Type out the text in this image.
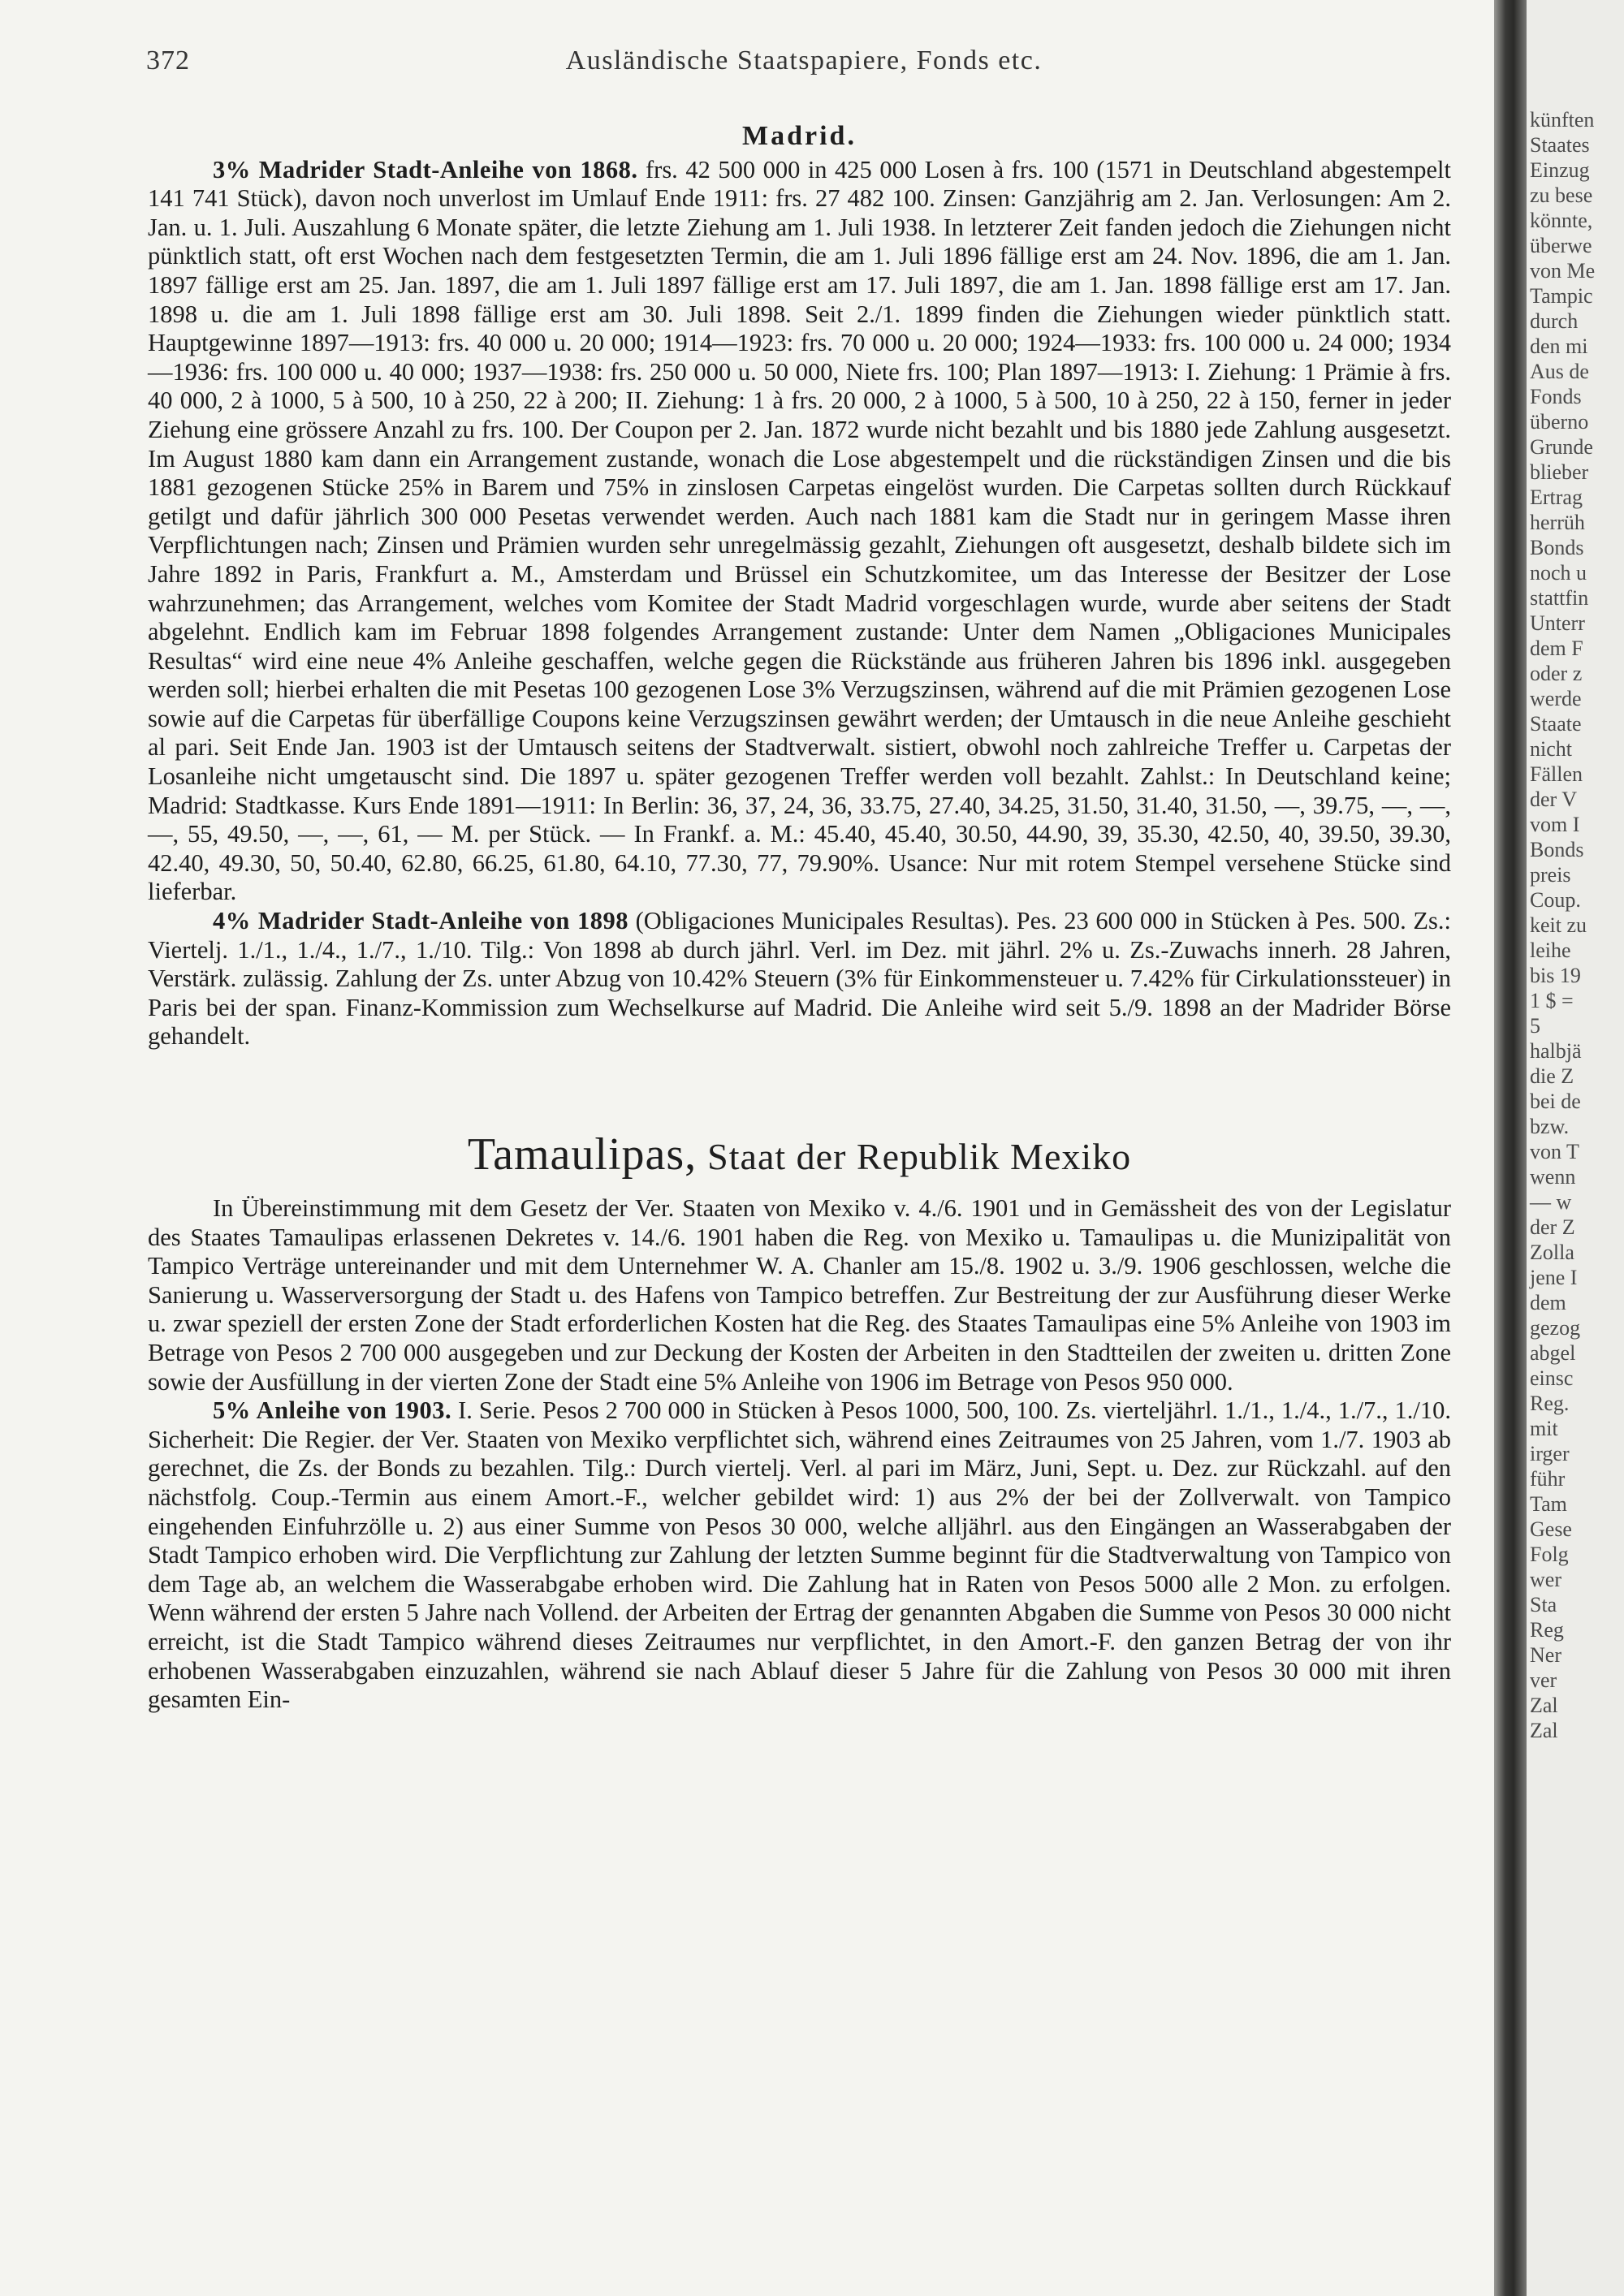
372	Ausländische Staatspapiere, Fonds etc.
Madrid.

3% Madrider Stadt-Anleihe von 1868. frs. 42 500 000 in 425 000 Losen à frs. 100 (1571 in Deutschland abgestempelt 141 741 Stück), davon noch unverlost im Umlauf Ende 1911: frs. 27 482 100. Zinsen: Ganzjährig am 2. Jan. Verlosungen: Am 2. Jan. u. 1. Juli. Auszahlung 6 Monate später, die letzte Ziehung am 1. Juli 1938. In letzterer Zeit fanden jedoch die Ziehungen nicht pünktlich statt, oft erst Wochen nach dem festgesetzten Termin, die am 1. Juli 1896 fällige erst am 24. Nov. 1896, die am 1. Jan. 1897 fällige erst am 25. Jan. 1897, die am 1. Juli 1897 fällige erst am 17. Juli 1897, die am 1. Jan. 1898 fällige erst am 17. Jan. 1898 u. die am 1. Juli 1898 fällige erst am 30. Juli 1898. Seit 2./1. 1899 finden die Ziehungen wieder pünktlich statt. Hauptgewinne 1897—1913: frs. 40 000 u. 20 000; 1914—1923: frs. 70 000 u. 20 000; 1924—1933: frs. 100 000 u. 24 000; 1934—1936: frs. 100 000 u. 40 000; 1937—1938: frs. 250 000 u. 50 000, Niete frs. 100; Plan 1897—1913: I. Ziehung: 1 Prämie à frs. 40 000, 2 à 1000, 5 à 500, 10 à 250, 22 à 200; II. Ziehung: 1 à frs. 20 000, 2 à 1000, 5 à 500, 10 à 250, 22 à 150, ferner in jeder Ziehung eine grössere Anzahl zu frs. 100. Der Coupon per 2. Jan. 1872 wurde nicht bezahlt und bis 1880 jede Zahlung ausgesetzt. Im August 1880 kam dann ein Arrangement zustande, wonach die Lose abgestempelt und die rückständigen Zinsen und die bis 1881 gezogenen Stücke 25% in Barem und 75% in zinslosen Carpetas eingelöst wurden. Die Carpetas sollten durch Rückkauf getilgt und dafür jährlich 300 000 Pesetas verwendet werden. Auch nach 1881 kam die Stadt nur in geringem Masse ihren Verpflichtungen nach; Zinsen und Prämien wurden sehr unregelmässig gezahlt, Ziehungen oft ausgesetzt, deshalb bildete sich im Jahre 1892 in Paris, Frankfurt a. M., Amsterdam und Brüssel ein Schutzkomitee, um das Interesse der Besitzer der Lose wahrzunehmen; das Arrangement, welches vom Komitee der Stadt Madrid vorgeschlagen wurde, wurde aber seitens der Stadt abgelehnt. Endlich kam im Februar 1898 folgendes Arrangement zustande: Unter dem Namen „Obligaciones Municipales Resultas“ wird eine neue 4% Anleihe geschaffen, welche gegen die Rückstände aus früheren Jahren bis 1896 inkl. ausgegeben werden soll; hierbei erhalten die mit Pesetas 100 gezogenen Lose 3% Verzugszinsen, während auf die mit Prämien gezogenen Lose sowie auf die Carpetas für überfällige Coupons keine Verzugszinsen gewährt werden; der Umtausch in die neue Anleihe geschieht al pari. Seit Ende Jan. 1903 ist der Umtausch seitens der Stadtverwalt. sistiert, obwohl noch zahlreiche Treffer u. Carpetas der Losanleihe nicht umgetauscht sind. Die 1897 u. später gezogenen Treffer werden voll bezahlt. Zahlst.: In Deutschland keine; Madrid: Stadtkasse. Kurs Ende 1891—1911: In Berlin: 36, 37, 24, 36, 33.75, 27.40, 34.25, 31.50, 31.40, 31.50, —, 39.75, —, —, —, 55, 49.50, —, —, 61, — M. per Stück. — In Frankf. a. M.: 45.40, 45.40, 30.50, 44.90, 39, 35.30, 42.50, 40, 39.50, 39.30, 42.40, 49.30, 50, 50.40, 62.80, 66.25, 61.80, 64.10, 77.30, 77, 79.90%. Usance: Nur mit rotem Stempel versehene Stücke sind lieferbar.

4% Madrider Stadt-Anleihe von 1898 (Obligaciones Municipales Resultas). Pes. 23 600 000 in Stücken à Pes. 500. Zs.: Viertelj. 1./1., 1./4., 1./7., 1./10. Tilg.: Von 1898 ab durch jährl. Verl. im Dez. mit jährl. 2% u. Zs.-Zuwachs innerh. 28 Jahren, Verstärk. zulässig. Zahlung der Zs. unter Abzug von 10.42% Steuern (3% für Einkommensteuer u. 7.42% für Cirkulationssteuer) in Paris bei der span. Finanz-Kommission zum Wechselkurse auf Madrid. Die Anleihe wird seit 5./9. 1898 an der Madrider Börse gehandelt.

Tamaulipas, Staat der Republik Mexiko

In Übereinstimmung mit dem Gesetz der Ver. Staaten von Mexiko v. 4./6. 1901 und in Gemässheit des von der Legislatur des Staates Tamaulipas erlassenen Dekretes v. 14./6. 1901 haben die Reg. von Mexiko u. Tamaulipas u. die Munizipalität von Tampico Verträge untereinander und mit dem Unternehmer W. A. Chanler am 15./8. 1902 u. 3./9. 1906 geschlossen, welche die Sanierung u. Wasserversorgung der Stadt u. des Hafens von Tampico betreffen. Zur Bestreitung der zur Ausführung dieser Werke u. zwar speziell der ersten Zone der Stadt erforderlichen Kosten hat die Reg. des Staates Tamaulipas eine 5% Anleihe von 1903 im Betrage von Pesos 2 700 000 ausgegeben und zur Deckung der Kosten der Arbeiten in den Stadtteilen der zweiten u. dritten Zone sowie der Ausfüllung in der vierten Zone der Stadt eine 5% Anleihe von 1906 im Betrage von Pesos 950 000.

5% Anleihe von 1903. I. Serie. Pesos 2 700 000 in Stücken à Pesos 1000, 500, 100. Zs. vierteljährl. 1./1., 1./4., 1./7., 1./10. Sicherheit: Die Regier. der Ver. Staaten von Mexiko verpflichtet sich, während eines Zeitraumes von 25 Jahren, vom 1./7. 1903 ab gerechnet, die Zs. der Bonds zu bezahlen. Tilg.: Durch viertelj. Verl. al pari im März, Juni, Sept. u. Dez. zur Rückzahl. auf den nächstfolg. Coup.-Termin aus einem Amort.-F., welcher gebildet wird: 1) aus 2% der bei der Zollverwalt. von Tampico eingehenden Einfuhrzölle u. 2) aus einer Summe von Pesos 30 000, welche alljährl. aus den Eingängen an Wasserabgaben der Stadt Tampico erhoben wird. Die Verpflichtung zur Zahlung der letzten Summe beginnt für die Stadtverwaltung von Tampico von dem Tage ab, an welchem die Wasserabgabe erhoben wird. Die Zahlung hat in Raten von Pesos 5000 alle 2 Mon. zu erfolgen. Wenn während der ersten 5 Jahre nach Vollend. der Arbeiten der Ertrag der genannten Abgaben die Summe von Pesos 30 000 nicht erreicht, ist die Stadt Tampico während dieses Zeitraumes nur verpflichtet, in den Amort.-F. den ganzen Betrag der von ihr erhobenen Wasserabgaben einzuzahlen, während sie nach Ablauf dieser 5 Jahre für die Zahlung von Pesos 30 000 mit ihren gesamten Ein-

künften
Staates
Einzug
zu bese
könnte,
überwe
von Me
Tampic
durch
den mi
Aus de
Fonds
überno
Grunde
blieber
Ertrag
herrüh
Bonds
noch u
stattfin
Unterr
dem F
oder z
werde
Staate
nicht
Fällen
der V
vom I
Bonds
preis
Coup.
keit zu
leihe
bis 19
1 $ =
5
halbjä
die Z
bei de
bzw.
von T
wenn
— w
der Z
Zolla
jene I
dem
gezog
abgel
einsc
Reg.
mit
irger
führ
Tam
Gese
Folg
wer
Sta
Reg
Ner
ver
Zal
Zal
